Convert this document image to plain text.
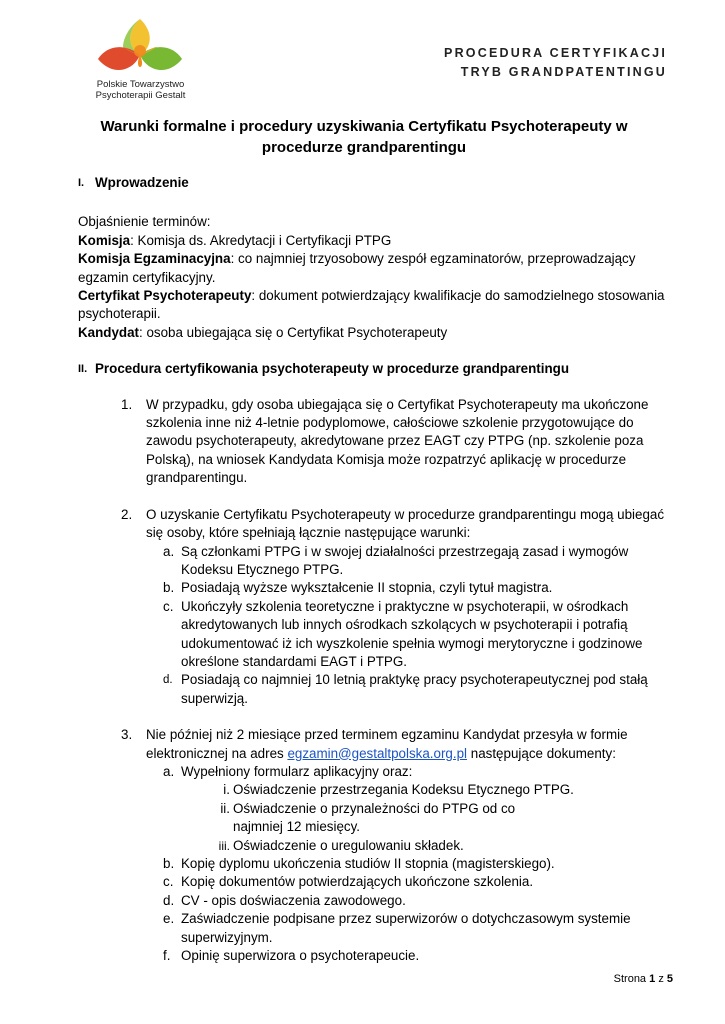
Polskie Towarzystwo
Psychoterapii Gestalt
PROCEDURA CERTYFIKACJI
TRYB GRANDPATENTINGU
Warunki formalne i procedury uzyskiwania Certyfikatu Psychoterapeuty w procedurze grandparentingu
I. Wprowadzenie

Objaśnienie terminów:

Komisja: Komisja ds. Akredytacji i Certyfikacji PTPG

Komisja Egzaminacyjna: co najmniej trzyosobowy zespół egzaminatorów, przeprowadzający egzamin certyfikacyjny.

Certyfikat Psychoterapeuty: dokument potwierdzający kwalifikacje do samodzielnego stosowania psychoterapii.

Kandydat: osoba ubiegająca się o Certyfikat Psychoterapeuty

II. Procedura certyfikowania psychoterapeuty w procedurze grandparentingu
1. W przypadku, gdy osoba ubiegająca się o Certyfikat Psychoterapeuty ma ukończone szkolenia inne niż 4-letnie podyplomowe, całościowe szkolenie przygotowujące do zawodu psychoterapeuty, akredytowane przez EAGT czy PTPG (np. szkolenie poza Polską), na wniosek Kandydata Komisja może rozpatrzyć aplikację w procedurze grandparentingu.
2. O uzyskanie Certyfikatu Psychoterapeuty w procedurze grandparentingu mogą ubiegać się osoby, które spełniają łącznie następujące warunki:
a. Są członkami PTPG i w swojej działalności przestrzegają zasad i wymogów Kodeksu Etycznego PTPG.
b. Posiadają wyższe wykształcenie II stopnia, czyli tytuł magistra.
c. Ukończyły szkolenia teoretyczne i praktyczne w psychoterapii, w ośrodkach akredytowanych lub innych ośrodkach szkolących w psychoterapii i potrafią udokumentować iż ich wyszkolenie spełnia wymogi merytoryczne i godzinowe określone standardami EAGT i PTPG.
d. Posiadają co najmniej 10 letnią praktykę pracy psychoterapeutycznej pod stałą superwizją.
3. Nie później niż 2 miesiące przed terminem egzaminu Kandydat przesyła w formie elektronicznej na adres egzamin@gestaltpolska.org.pl następujące dokumenty:
a. Wypełniony formularz aplikacyjny oraz:
i. Oświadczenie przestrzegania Kodeksu Etycznego PTPG.
ii. Oświadczenie o przynależności do PTPG od co najmniej 12 miesięcy.
iii. Oświadczenie o uregulowaniu składek.
b. Kopię dyplomu ukończenia studiów II stopnia (magisterskiego).
c. Kopię dokumentów potwierdzających ukończone szkolenia.
d. CV - opis doświaczenia zawodowego.
e. Zaświadczenie podpisane przez superwizorów o dotychczasowym systemie superwizyjnym.
f. Opinię superwizora o psychoterapeucie.
Strona 1 z 5
